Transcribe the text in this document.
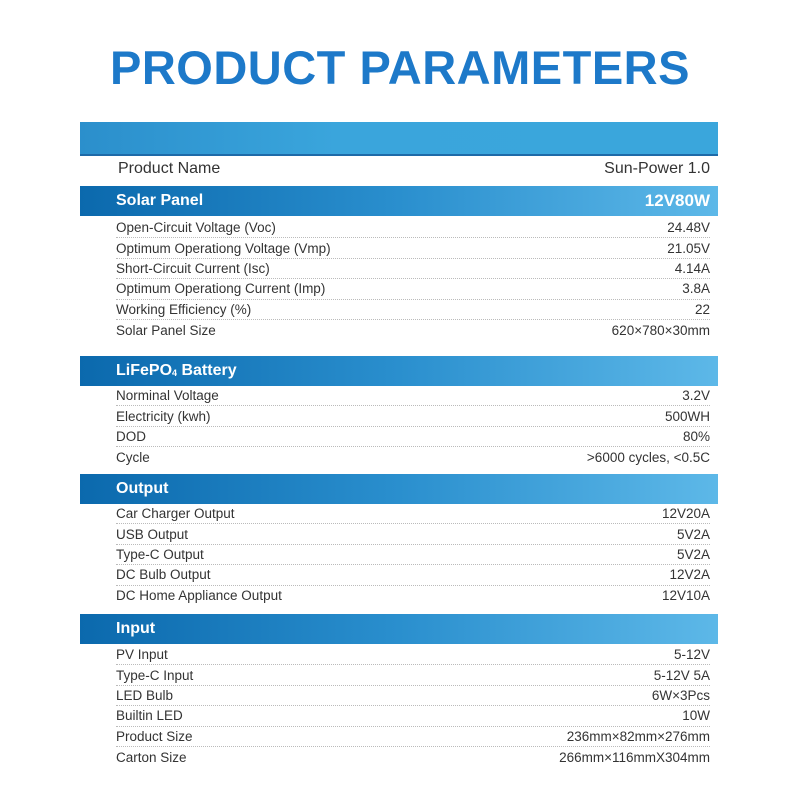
PRODUCT PARAMETERS
Product Name	Sun-Power 1.0
Solar Panel	12V80W
Open-Circuit Voltage (Voc)	24.48V
Optimum Operationg Voltage (Vmp)	21.05V
Short-Circuit Current (Isc)	4.14A
Optimum Operationg Current (Imp)	3.8A
Working Efficiency (%)	22
Solar Panel Size	620×780×30mm
LiFePO$_4$ Battery
Norminal Voltage	3.2V
Electricity (kwh)	500WH
DOD	80%
Cycle	>6000 cycles, <0.5C
Output
Car Charger Output	12V20A
USB Output	5V2A
Type-C Output	5V2A
DC Bulb Output	12V2A
DC Home Appliance Output	12V10A
Input
PV Input	5-12V
Type-C Input	5-12V 5A
LED Bulb	6W×3Pcs
Builtin LED	10W
Product Size	236mm×82mm×276mm
Carton Size	266mm×116mmX304mm
